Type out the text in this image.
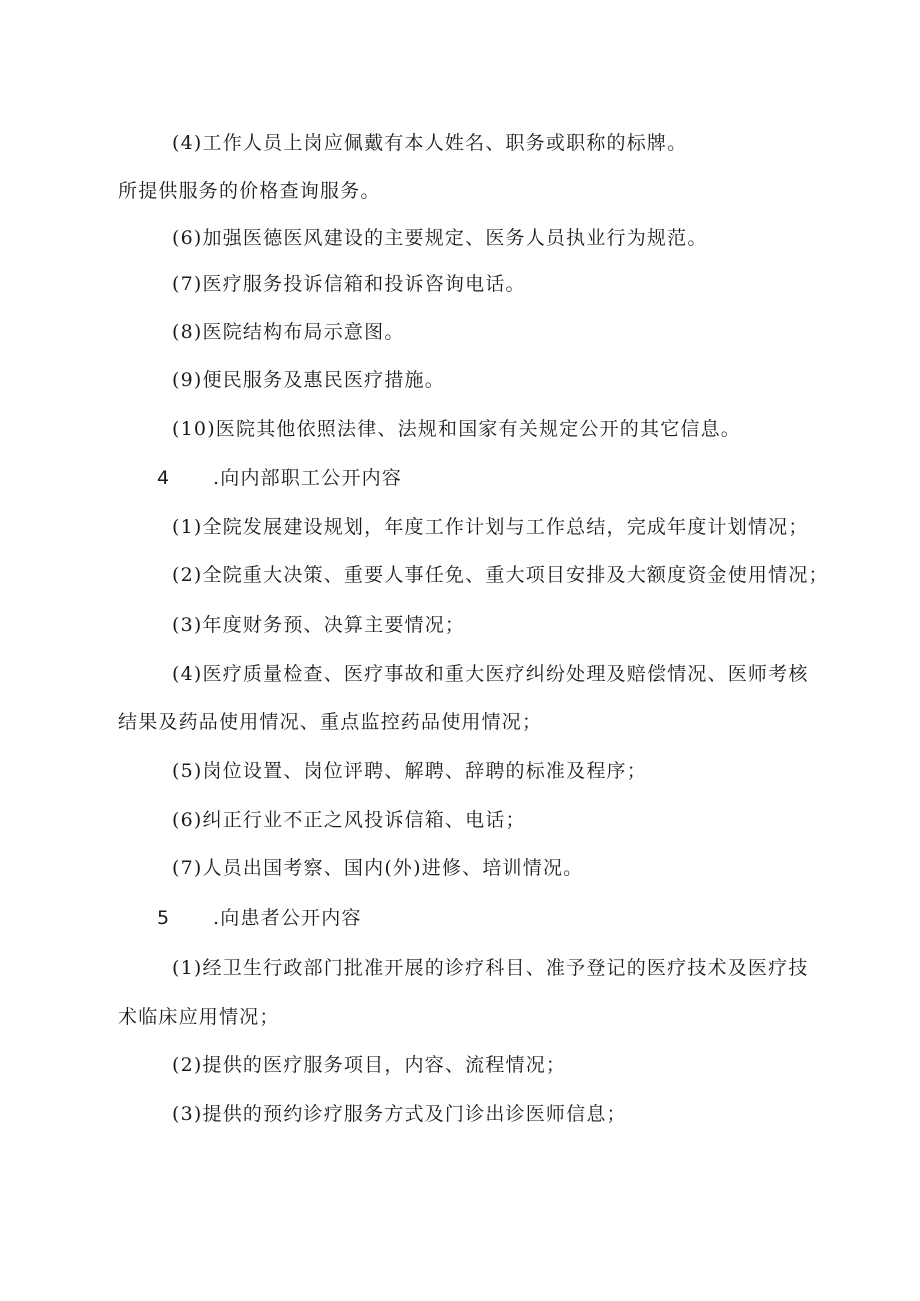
(4)工作人员上岗应佩戴有本人姓名、职务或职称的标牌。
所提供服务的价格查询服务。
(6)加强医德医风建设的主要规定、医务人员执业行为规范。
(7)医疗服务投诉信箱和投诉咨询电话。
(8)医院结构布局示意图。
(9)便民服务及惠民医疗措施。
(10)医院其他依照法律、法规和国家有关规定公开的其它信息。
4 .向内部职工公开内容
(1)全院发展建设规划，年度工作计划与工作总结，完成年度计划情况；
(2)全院重大决策、重要人事任免、重大项目安排及大额度资金使用情况；
(3)年度财务预、决算主要情况；
(4)医疗质量检查、医疗事故和重大医疗纠纷处理及赔偿情况、医师考核
结果及药品使用情况、重点监控药品使用情况；
(5)岗位设置、岗位评聘、解聘、辞聘的标准及程序；
(6)纠正行业不正之风投诉信箱、电话；
(7)人员出国考察、国内(外)进修、培训情况。
5 .向患者公开内容
(1)经卫生行政部门批准开展的诊疗科目、准予登记的医疗技术及医疗技
术临床应用情况；
(2)提供的医疗服务项目，内容、流程情况；
(3)提供的预约诊疗服务方式及门诊出诊医师信息；
